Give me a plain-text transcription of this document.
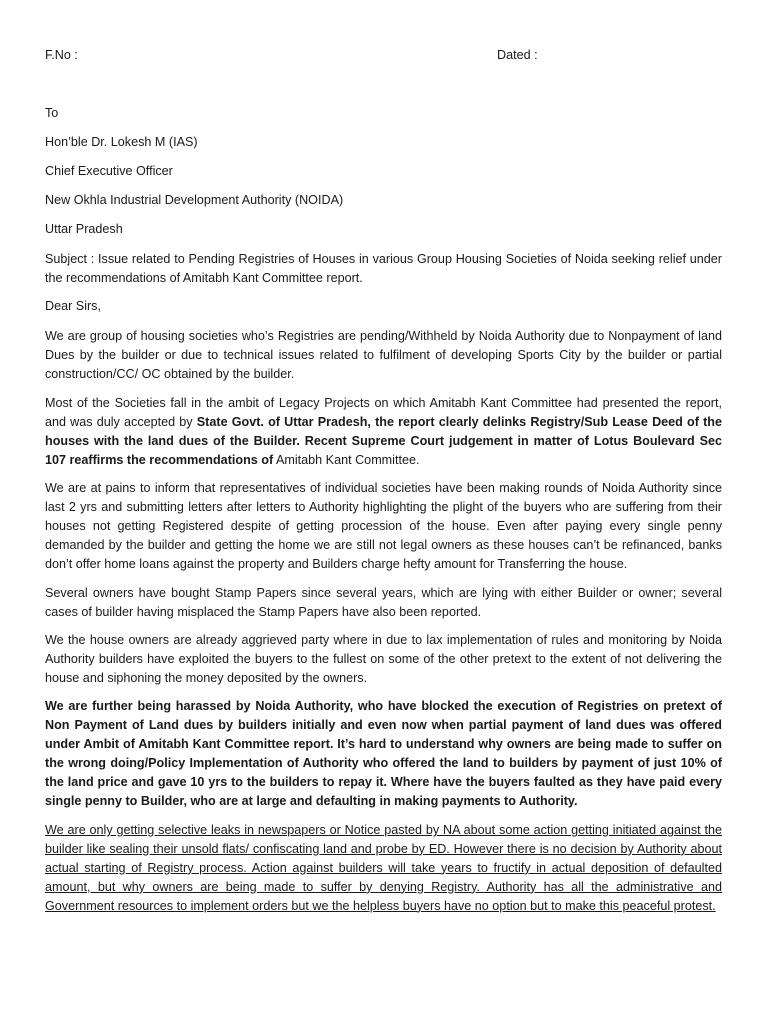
F.No :	Dated :
To
Hon’ble Dr. Lokesh M (IAS)
Chief Executive Officer
New Okhla Industrial Development Authority (NOIDA)
Uttar Pradesh
Subject : Issue related to Pending Registries of Houses in various Group Housing Societies of Noida seeking relief under the recommendations of Amitabh Kant Committee report.
Dear Sirs,
We are group of housing societies who’s Registries are pending/Withheld by Noida Authority due to Nonpayment of land Dues by the builder or due to technical issues related to fulfilment of developing Sports City by the builder or partial construction/CC/ OC obtained by the builder.
Most of the Societies fall in the ambit of Legacy Projects on which Amitabh Kant Committee had presented the report, and was duly accepted by State Govt. of Uttar Pradesh, the report clearly delinks Registry/Sub Lease Deed of the houses with the land dues of the Builder. Recent Supreme Court judgement in matter of Lotus Boulevard Sec 107 reaffirms the recommendations of Amitabh Kant Committee.
We are at pains to inform that representatives of individual societies have been making rounds of Noida Authority since last 2 yrs and submitting letters after letters to Authority highlighting the plight of the buyers who are suffering from their houses not getting Registered despite of getting procession of the house. Even after paying every single penny demanded by the builder and getting the home we are still not legal owners as these houses can’t be refinanced, banks don’t offer home loans against the property and Builders charge hefty amount for Transferring the house.
Several owners have bought Stamp Papers since several years, which are lying with either Builder or owner; several cases of builder having misplaced the Stamp Papers have also been reported.
We the house owners are already aggrieved party where in due to lax implementation of rules and monitoring by Noida Authority builders have exploited the buyers to the fullest on some of the other pretext to the extent of not delivering the house and siphoning the money deposited by the owners.
We are further being harassed by Noida Authority, who have blocked the execution of Registries on pretext of Non Payment of Land dues by builders initially and even now when partial payment of land dues was offered under Ambit of Amitabh Kant Committee report. It’s hard to understand why owners are being made to suffer on the wrong doing/Policy Implementation of Authority who offered the land to builders by payment of just 10% of the land price and gave 10 yrs to the builders to repay it. Where have the buyers faulted as they have paid every single penny to Builder, who are at large and defaulting in making payments to Authority.
We are only getting selective leaks in newspapers or Notice pasted by NA about some action getting initiated against the builder like sealing their unsold flats/ confiscating land and probe by ED. However there is no decision by Authority about actual starting of Registry process. Action against builders will take years to fructify in actual deposition of defaulted amount, but why owners are being made to suffer by denying Registry. Authority has all the administrative and Government resources to implement orders but we the helpless buyers have no option but to make this peaceful protest.
